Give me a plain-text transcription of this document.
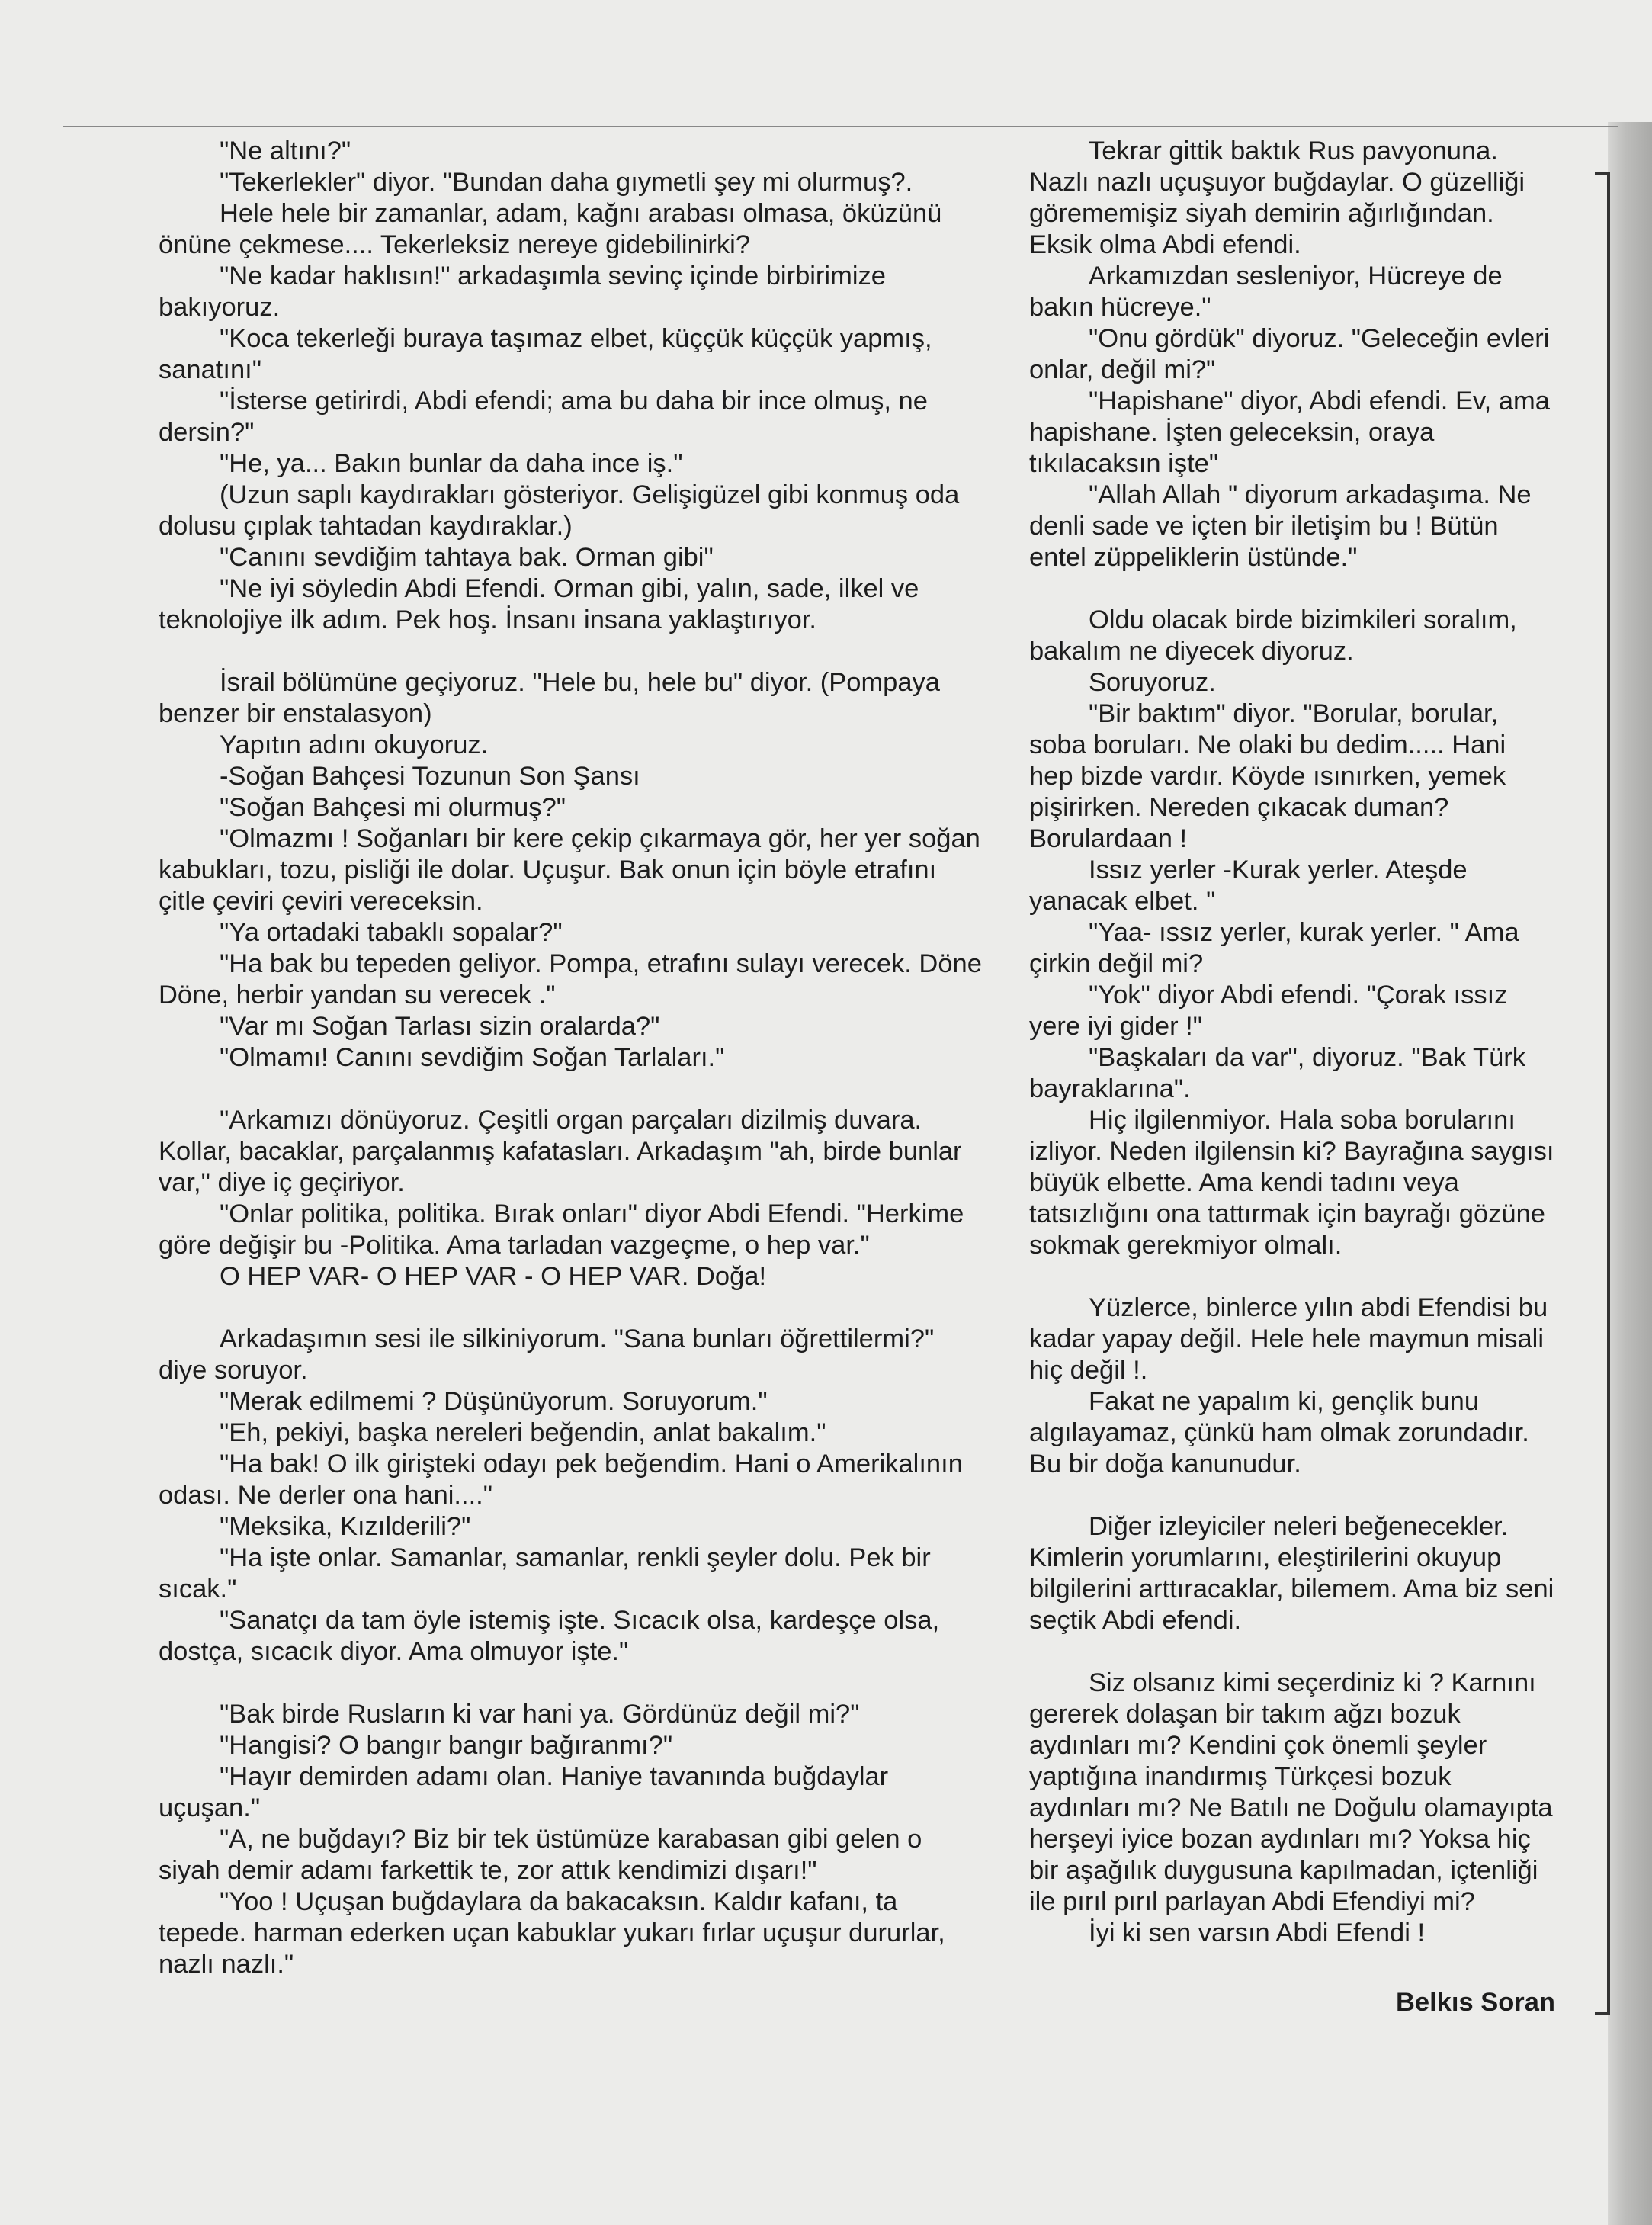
"Ne altını?"

"Tekerlekler" diyor. "Bundan daha gıymetli şey mi olurmuş?.

Hele hele bir zamanlar, adam, kağnı arabası olmasa, öküzünü önüne çekmese.... Tekerleksiz nereye gidebilinirki?

"Ne kadar haklısın!" arkadaşımla sevinç içinde birbirimize bakıyoruz.

"Koca tekerleği buraya taşımaz elbet, küççük küççük yapmış, sanatını"

"İsterse getirirdi, Abdi efendi; ama bu daha bir ince olmuş, ne dersin?"

"He, ya... Bakın bunlar da daha ince iş."

(Uzun saplı kaydırakları gösteriyor. Gelişigüzel gibi konmuş oda dolusu çıplak tahtadan kaydıraklar.)

"Canını sevdiğim tahtaya bak. Orman gibi"

"Ne iyi söyledin Abdi Efendi. Orman gibi, yalın, sade, ilkel ve teknolojiye ilk adım. Pek hoş. İnsanı insana yaklaştırıyor.

İsrail bölümüne geçiyoruz. "Hele bu, hele bu" diyor. (Pompaya benzer bir enstalasyon)

Yapıtın adını okuyoruz.

-Soğan Bahçesi Tozunun Son Şansı

"Soğan Bahçesi mi olurmuş?"

"Olmazmı ! Soğanları bir kere çekip çıkarmaya gör, her yer soğan kabukları, tozu, pisliği ile dolar. Uçuşur. Bak onun için böyle etrafını çitle çeviri çeviri vereceksin.

"Ya ortadaki tabaklı sopalar?"

"Ha bak bu tepeden geliyor. Pompa, etrafını sulayı verecek. Döne Döne, herbir yandan su verecek ."

"Var mı Soğan Tarlası sizin oralarda?"

"Olmamı! Canını sevdiğim Soğan Tarlaları."

"Arkamızı dönüyoruz. Çeşitli organ parçaları dizilmiş duvara. Kollar, bacaklar, parçalanmış kafatasları. Arkadaşım "ah, birde bunlar var," diye iç geçiriyor.

"Onlar politika, politika. Bırak onları" diyor Abdi Efendi. "Herkime göre değişir bu -Politika. Ama tarladan vazgeçme, o hep var."

O HEP VAR- O HEP VAR - O HEP VAR. Doğa!

Arkadaşımın sesi ile silkiniyorum. "Sana bunları öğrettilermi?" diye soruyor.

"Merak edilmemi ? Düşünüyorum. Soruyorum."

"Eh, pekiyi, başka nereleri beğendin, anlat bakalım."

"Ha bak! O ilk girişteki odayı pek beğendim. Hani o Amerikalının odası. Ne derler ona hani...."

"Meksika, Kızılderili?"

"Ha işte onlar. Samanlar, samanlar, renkli şeyler dolu. Pek bir sıcak."

"Sanatçı da tam öyle istemiş işte. Sıcacık olsa, kardeşçe olsa, dostça, sıcacık diyor. Ama olmuyor işte."

"Bak birde Rusların ki var hani ya. Gördünüz değil mi?"

"Hangisi? O bangır bangır bağıranmı?"

"Hayır demirden adamı olan. Haniye tavanında buğdaylar uçuşan."

"A, ne buğdayı? Biz bir tek üstümüze karabasan gibi gelen o siyah demir adamı farkettik te, zor attık kendimizi dışarı!"

"Yoo ! Uçuşan buğdaylara da bakacaksın. Kaldır kafanı, ta tepede. harman ederken uçan kabuklar yukarı fırlar uçuşur dururlar, nazlı nazlı."

Tekrar gittik baktık Rus pavyonuna. Nazlı nazlı uçuşuyor buğdaylar. O güzelliği görememişiz siyah demirin ağırlığından. Eksik olma Abdi efendi.

Arkamızdan sesleniyor, Hücreye de bakın hücreye."

"Onu gördük" diyoruz. "Geleceğin evleri onlar, değil mi?"

"Hapishane" diyor, Abdi efendi. Ev, ama hapishane. İşten geleceksin, oraya tıkılacaksın işte"

"Allah Allah " diyorum arkadaşıma. Ne denli sade ve içten bir iletişim bu ! Bütün entel züppeliklerin üstünde."

Oldu olacak birde bizimkileri soralım, bakalım ne diyecek diyoruz.

Soruyoruz.

"Bir baktım" diyor. "Borular, borular, soba boruları. Ne olaki bu dedim..... Hani hep bizde vardır. Köyde ısınırken, yemek pişirirken. Nereden çıkacak duman? Borulardaan !

Issız yerler -Kurak yerler. Ateşde yanacak elbet. "

"Yaa- ıssız yerler, kurak yerler. " Ama çirkin değil mi?

"Yok" diyor Abdi efendi. "Çorak ıssız yere iyi gider !"

"Başkaları da var", diyoruz. "Bak Türk bayraklarına".

Hiç ilgilenmiyor. Hala soba borularını izliyor. Neden ilgilensin ki? Bayrağına saygısı büyük elbette. Ama kendi tadını veya tatsızlığını ona tattırmak için bayrağı gözüne sokmak gerekmiyor olmalı.

Yüzlerce, binlerce yılın abdi Efendisi bu kadar yapay değil. Hele hele maymun misali hiç değil !.

Fakat ne yapalım ki, gençlik bunu algılayamaz, çünkü ham olmak zorundadır. Bu bir doğa kanunudur.

Diğer izleyiciler neleri beğenecekler. Kimlerin yorumlarını, eleştirilerini okuyup bilgilerini arttıracaklar, bilemem. Ama biz seni seçtik Abdi efendi.

Siz olsanız kimi seçerdiniz ki ? Karnını gererek dolaşan bir takım ağzı bozuk aydınları mı? Kendini çok önemli şeyler yaptığına inandırmış Türkçesi bozuk aydınları mı? Ne Batılı ne Doğulu olamayıpta herşeyi iyice bozan aydınları mı? Yoksa hiç bir aşağılık duygusuna kapılmadan, içtenliği ile pırıl pırıl parlayan Abdi Efendiyi mi?

İyi ki sen varsın Abdi Efendi !

Belkıs Soran
